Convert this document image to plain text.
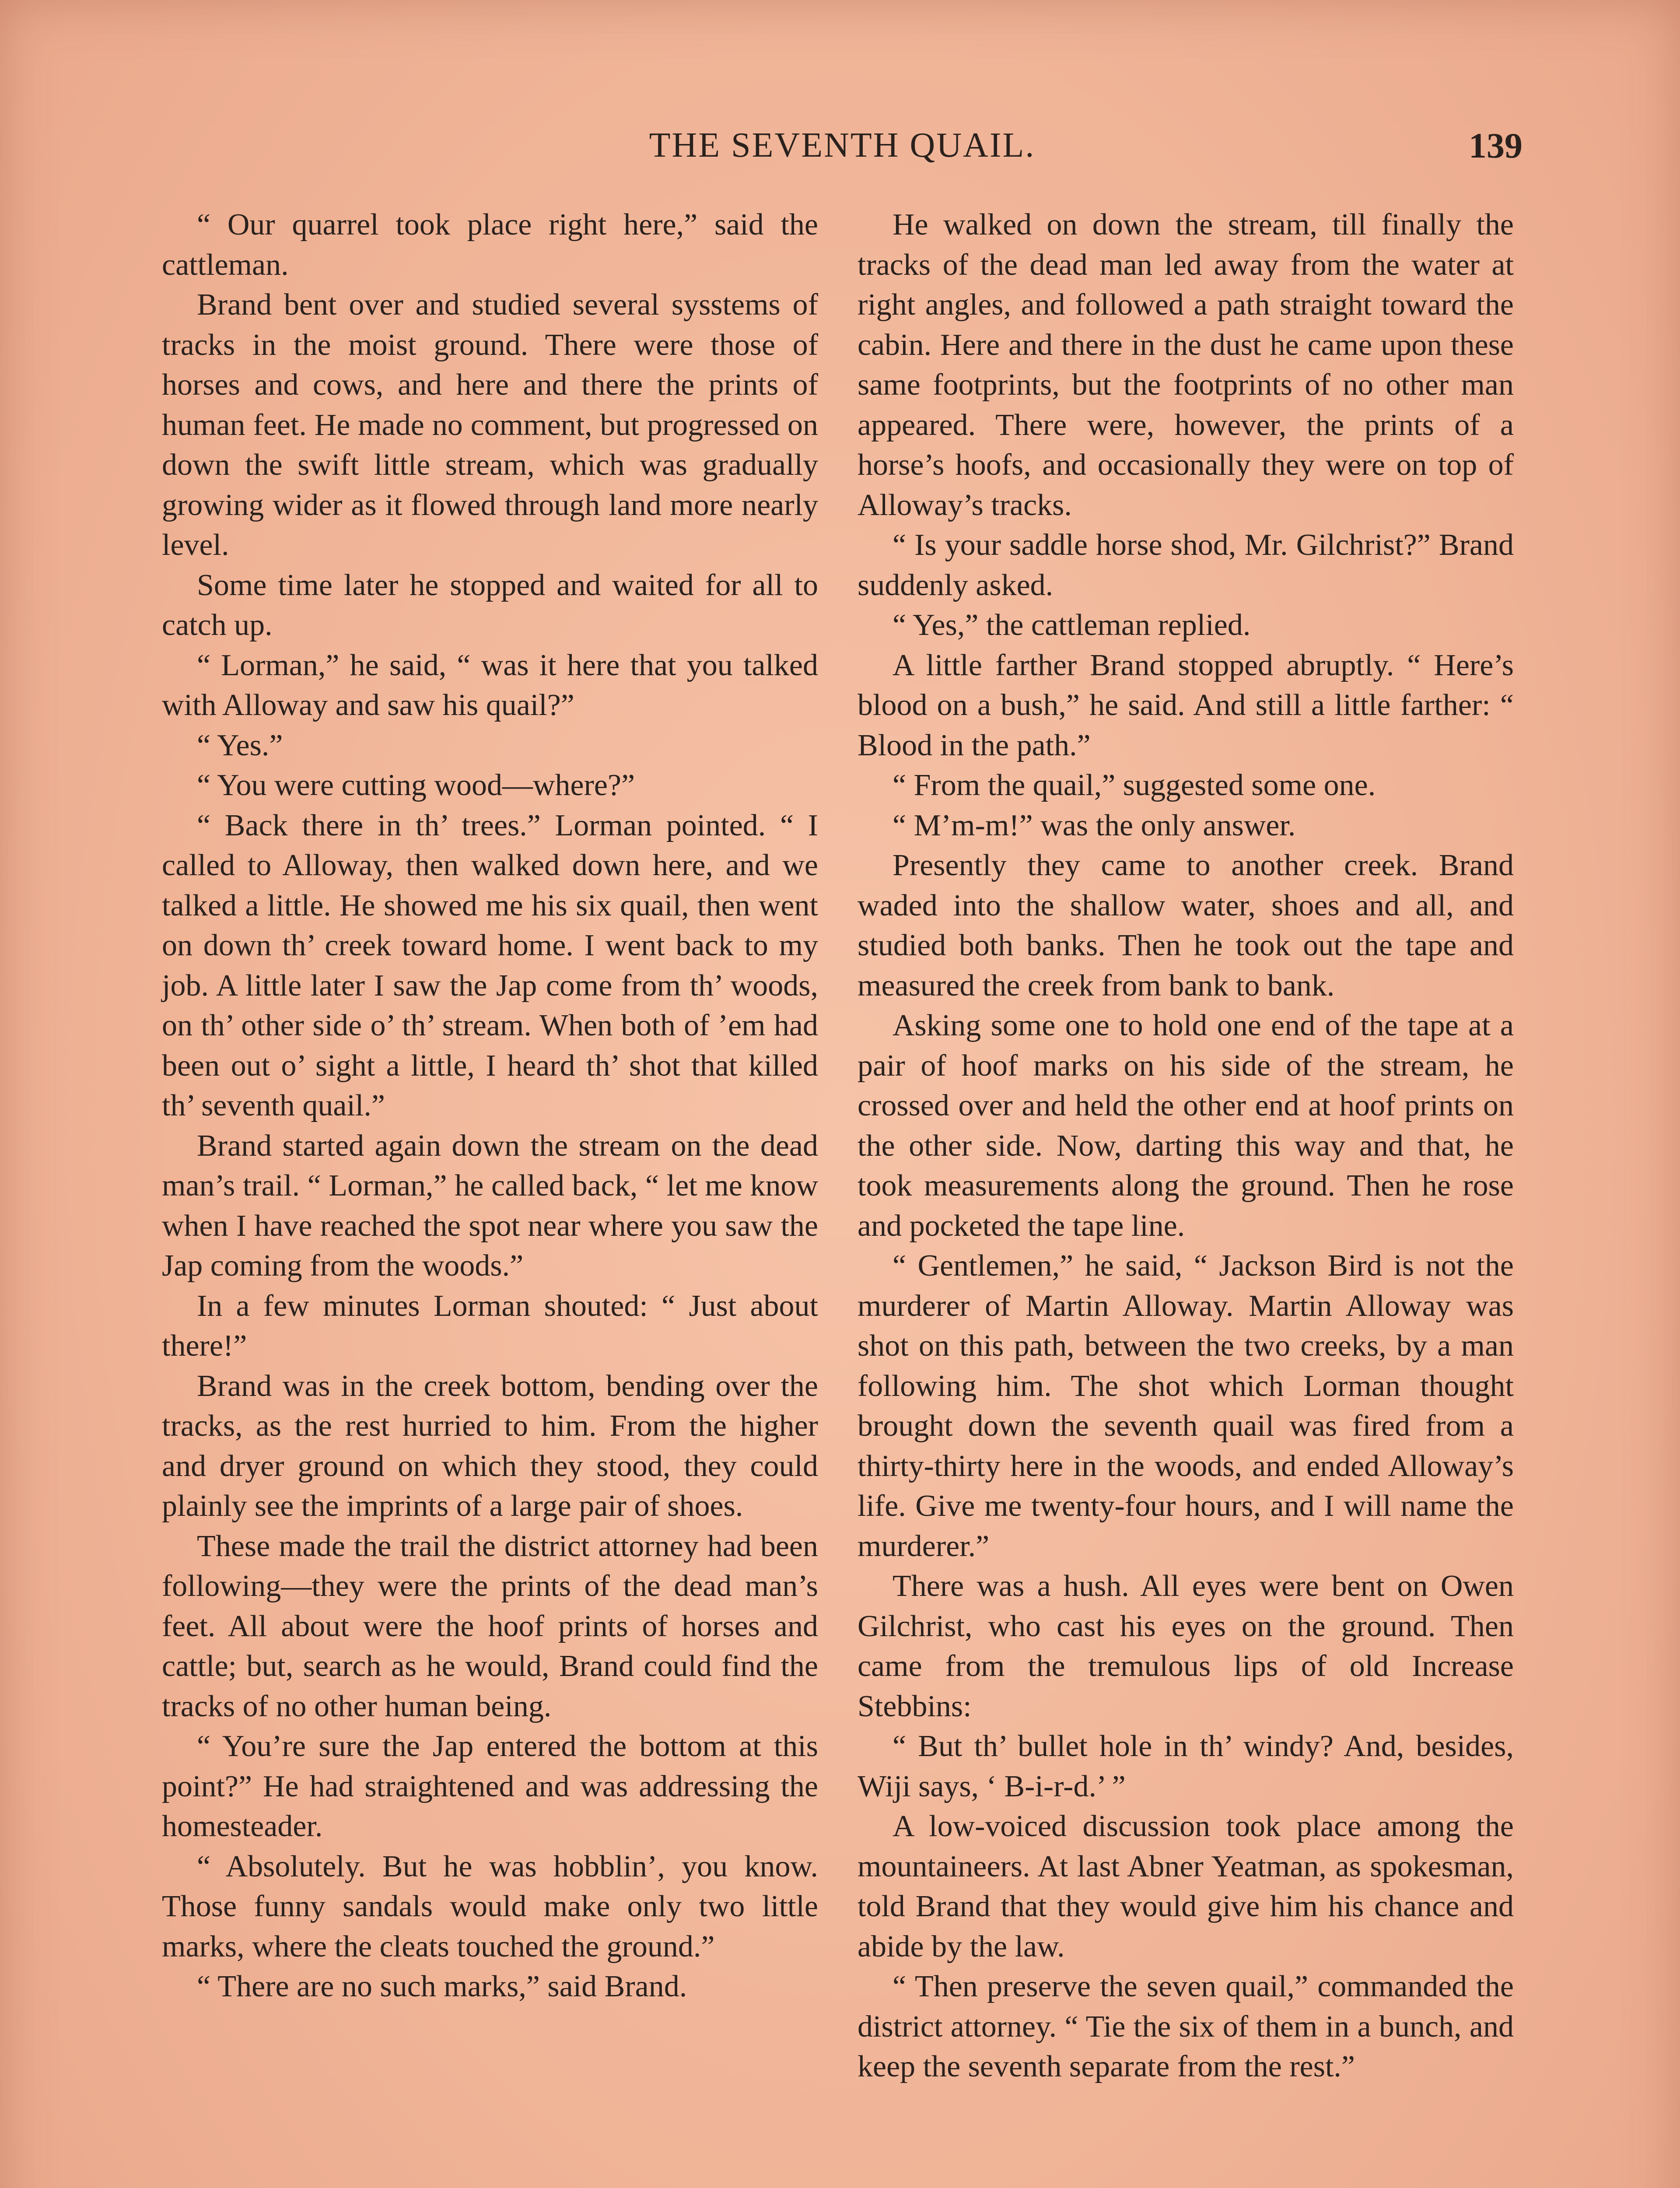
THE SEVENTH QUAIL.	139

“ Our quarrel took place right here,” said the cattleman.

Brand bent over and studied several sysstems of tracks in the moist ground. There were those of horses and cows, and here and there the prints of human feet. He made no comment, but progressed on down the swift little stream, which was gradually growing wider as it flowed through land more nearly level.

Some time later he stopped and waited for all to catch up.

“ Lorman,” he said, “ was it here that you talked with Alloway and saw his quail?”

“ Yes.”

“ You were cutting wood—where?”

“ Back there in th’ trees.” Lorman pointed. “ I called to Alloway, then walked down here, and we talked a little. He showed me his six quail, then went on down th’ creek toward home. I went back to my job. A little later I saw the Jap come from th’ woods, on th’ other side o’ th’ stream. When both of ’em had been out o’ sight a little, I heard th’ shot that killed th’ seventh quail.”

Brand started again down the stream on the dead man’s trail. “ Lorman,” he called back, “ let me know when I have reached the spot near where you saw the Jap coming from the woods.”

In a few minutes Lorman shouted: “ Just about there!”

Brand was in the creek bottom, bending over the tracks, as the rest hurried to him. From the higher and dryer ground on which they stood, they could plainly see the imprints of a large pair of shoes.

These made the trail the district attorney had been following—they were the prints of the dead man’s feet. All about were the hoof prints of horses and cattle; but, search as he would, Brand could find the tracks of no other human being.

“ You’re sure the Jap entered the bottom at this point?” He had straightened and was addressing the homesteader.

“ Absolutely. But he was hobblin’, you know. Those funny sandals would make only two little marks, where the cleats touched the ground.”

“ There are no such marks,” said Brand.

He walked on down the stream, till finally the tracks of the dead man led away from the water at right angles, and followed a path straight toward the cabin. Here and there in the dust he came upon these same footprints, but the footprints of no other man appeared. There were, however, the prints of a horse’s hoofs, and occasionally they were on top of Alloway’s tracks.

“ Is your saddle horse shod, Mr. Gilchrist?” Brand suddenly asked.

“ Yes,” the cattleman replied.

A little farther Brand stopped abruptly. “ Here’s blood on a bush,” he said. And still a little farther: “ Blood in the path.”

“ From the quail,” suggested some one.

“ M’m-m!” was the only answer.

Presently they came to another creek. Brand waded into the shallow water, shoes and all, and studied both banks. Then he took out the tape and measured the creek from bank to bank.

Asking some one to hold one end of the tape at a pair of hoof marks on his side of the stream, he crossed over and held the other end at hoof prints on the other side. Now, darting this way and that, he took measurements along the ground. Then he rose and pocketed the tape line.

“ Gentlemen,” he said, “ Jackson Bird is not the murderer of Martin Alloway. Martin Alloway was shot on this path, between the two creeks, by a man following him. The shot which Lorman thought brought down the seventh quail was fired from a thirty-thirty here in the woods, and ended Alloway’s life. Give me twenty-four hours, and I will name the murderer.”

There was a hush. All eyes were bent on Owen Gilchrist, who cast his eyes on the ground. Then came from the tremulous lips of old Increase Stebbins:

“ But th’ bullet hole in th’ windy? And, besides, Wiji says, ‘ B-i-r-d.’ ”

A low-voiced discussion took place among the mountaineers. At last Abner Yeatman, as spokesman, told Brand that they would give him his chance and abide by the law.

“ Then preserve the seven quail,” commanded the district attorney. “ Tie the six of them in a bunch, and keep the seventh separate from the rest.”
